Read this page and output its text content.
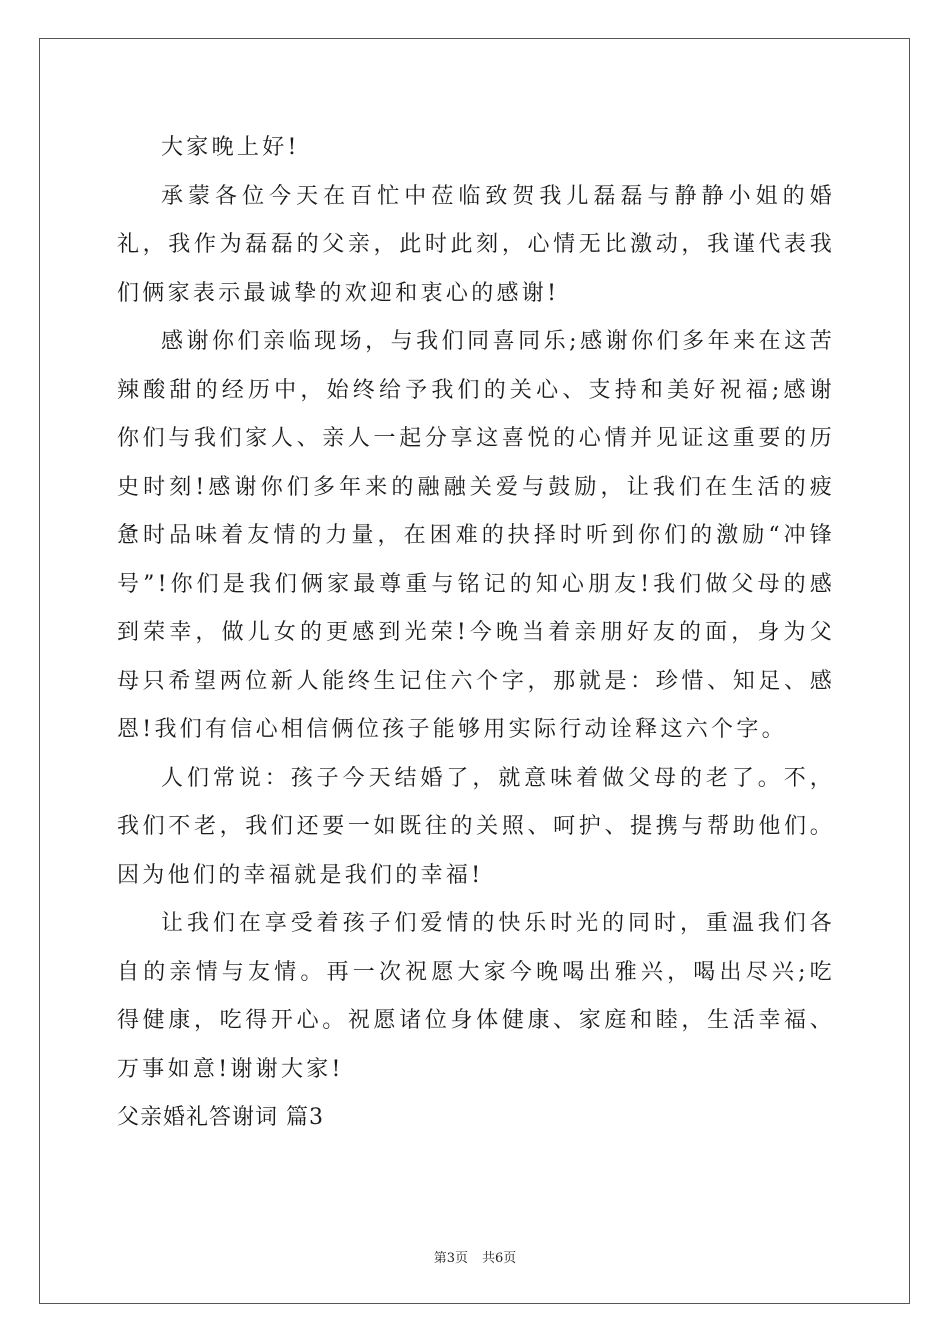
大家晚上好!

承蒙各位今天在百忙中莅临致贺我儿磊磊与静静小姐的婚礼，我作为磊磊的父亲，此时此刻，心情无比激动，我谨代表我们俩家表示最诚挚的欢迎和衷心的感谢!

感谢你们亲临现场，与我们同喜同乐;感谢你们多年来在这苦辣酸甜的经历中，始终给予我们的关心、支持和美好祝福;感谢你们与我们家人、亲人一起分享这喜悦的心情并见证这重要的历史时刻!感谢你们多年来的融融关爱与鼓励，让我们在生活的疲惫时品味着友情的力量，在困难的抉择时听到你们的激励“冲锋号”!你们是我们俩家最尊重与铭记的知心朋友!我们做父母的感到荣幸，做儿女的更感到光荣!今晚当着亲朋好友的面，身为父母只希望两位新人能终生记住六个字，那就是：珍惜、知足、感恩!我们有信心相信俩位孩子能够用实际行动诠释这六个字。

人们常说：孩子今天结婚了，就意味着做父母的老了。不，我们不老，我们还要一如既往的关照、呵护、提携与帮助他们。因为他们的幸福就是我们的幸福!

让我们在享受着孩子们爱情的快乐时光的同时，重温我们各自的亲情与友情。再一次祝愿大家今晚喝出雅兴，喝出尽兴;吃得健康，吃得开心。祝愿诸位身体健康、家庭和睦，生活幸福、万事如意!谢谢大家!

父亲婚礼答谢词 篇3
第3页 共6页
